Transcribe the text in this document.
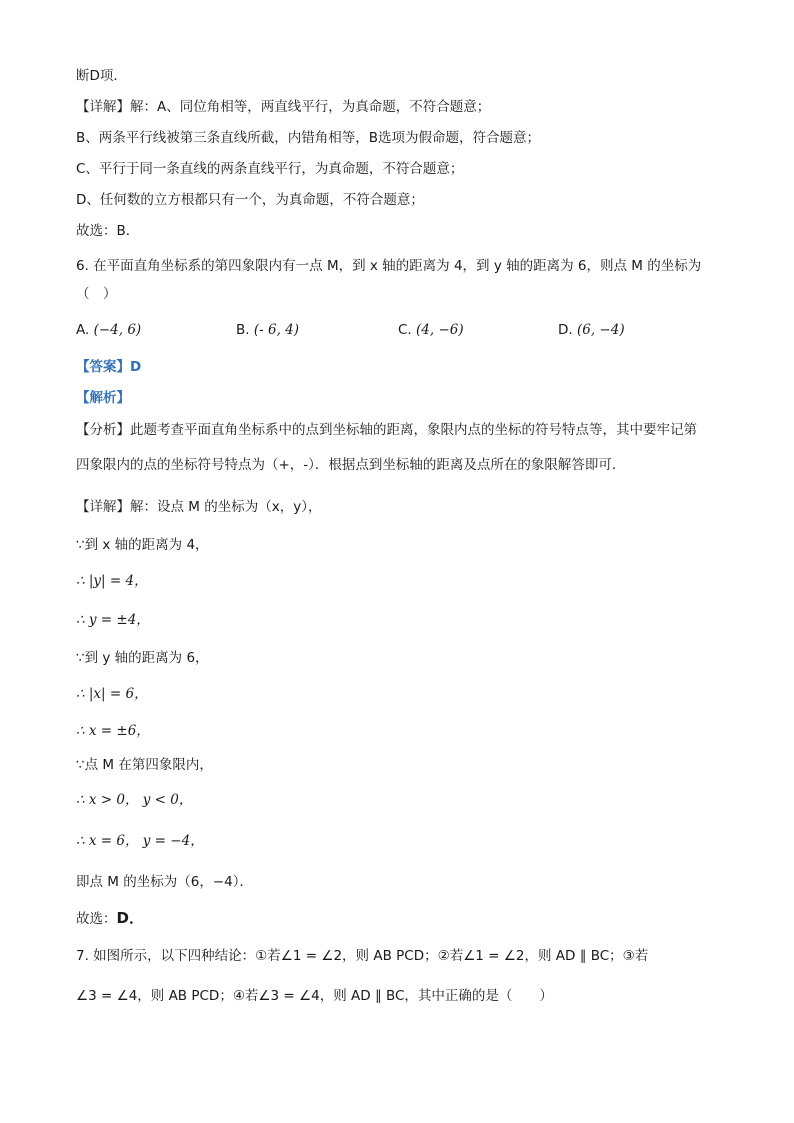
断D项．
【详解】解：A、同位角相等，两直线平行，为真命题，不符合题意；
B、两条平行线被第三条直线所截，内错角相等，B选项为假命题，符合题意；
C、平行于同一条直线的两条直线平行，为真命题，不符合题意；
D、任何数的立方根都只有一个，为真命题，不符合题意；
故选：B．
6. 在平面直角坐标系的第四象限内有一点 M，到 x 轴的距离为 4，到 y 轴的距离为 6，则点 M 的坐标为
（　）
A. (−4, 6)	B. (- 6, 4)	C. (4, −6)	D. (6, −4)
【答案】D
【解析】
【分析】此题考查平面直角坐标系中的点到坐标轴的距离，象限内点的坐标的符号特点等，其中要牢记第
四象限内的点的坐标符号特点为（+，-）．根据点到坐标轴的距离及点所在的象限解答即可．
【详解】解：设点 M 的坐标为（x，y），
∵到 x 轴的距离为 4，
∴ |y| = 4，
∴ y = ±4，
∵到 y 轴的距离为 6，
∴ |x| = 6，
∴ x = ±6，
∵点 M 在第四象限内，
∴ x > 0， y < 0，
∴ x = 6， y = −4，
即点 M 的坐标为（6，−4）．
故选：D．
7. 如图所示，以下四种结论：①若∠1 = ∠2，则 AB PCD；②若∠1 = ∠2，则 AD ∥ BC；③若
∠3 = ∠4，则 AB PCD；④若∠3 = ∠4，则 AD ∥ BC，其中正确的是（　　）
